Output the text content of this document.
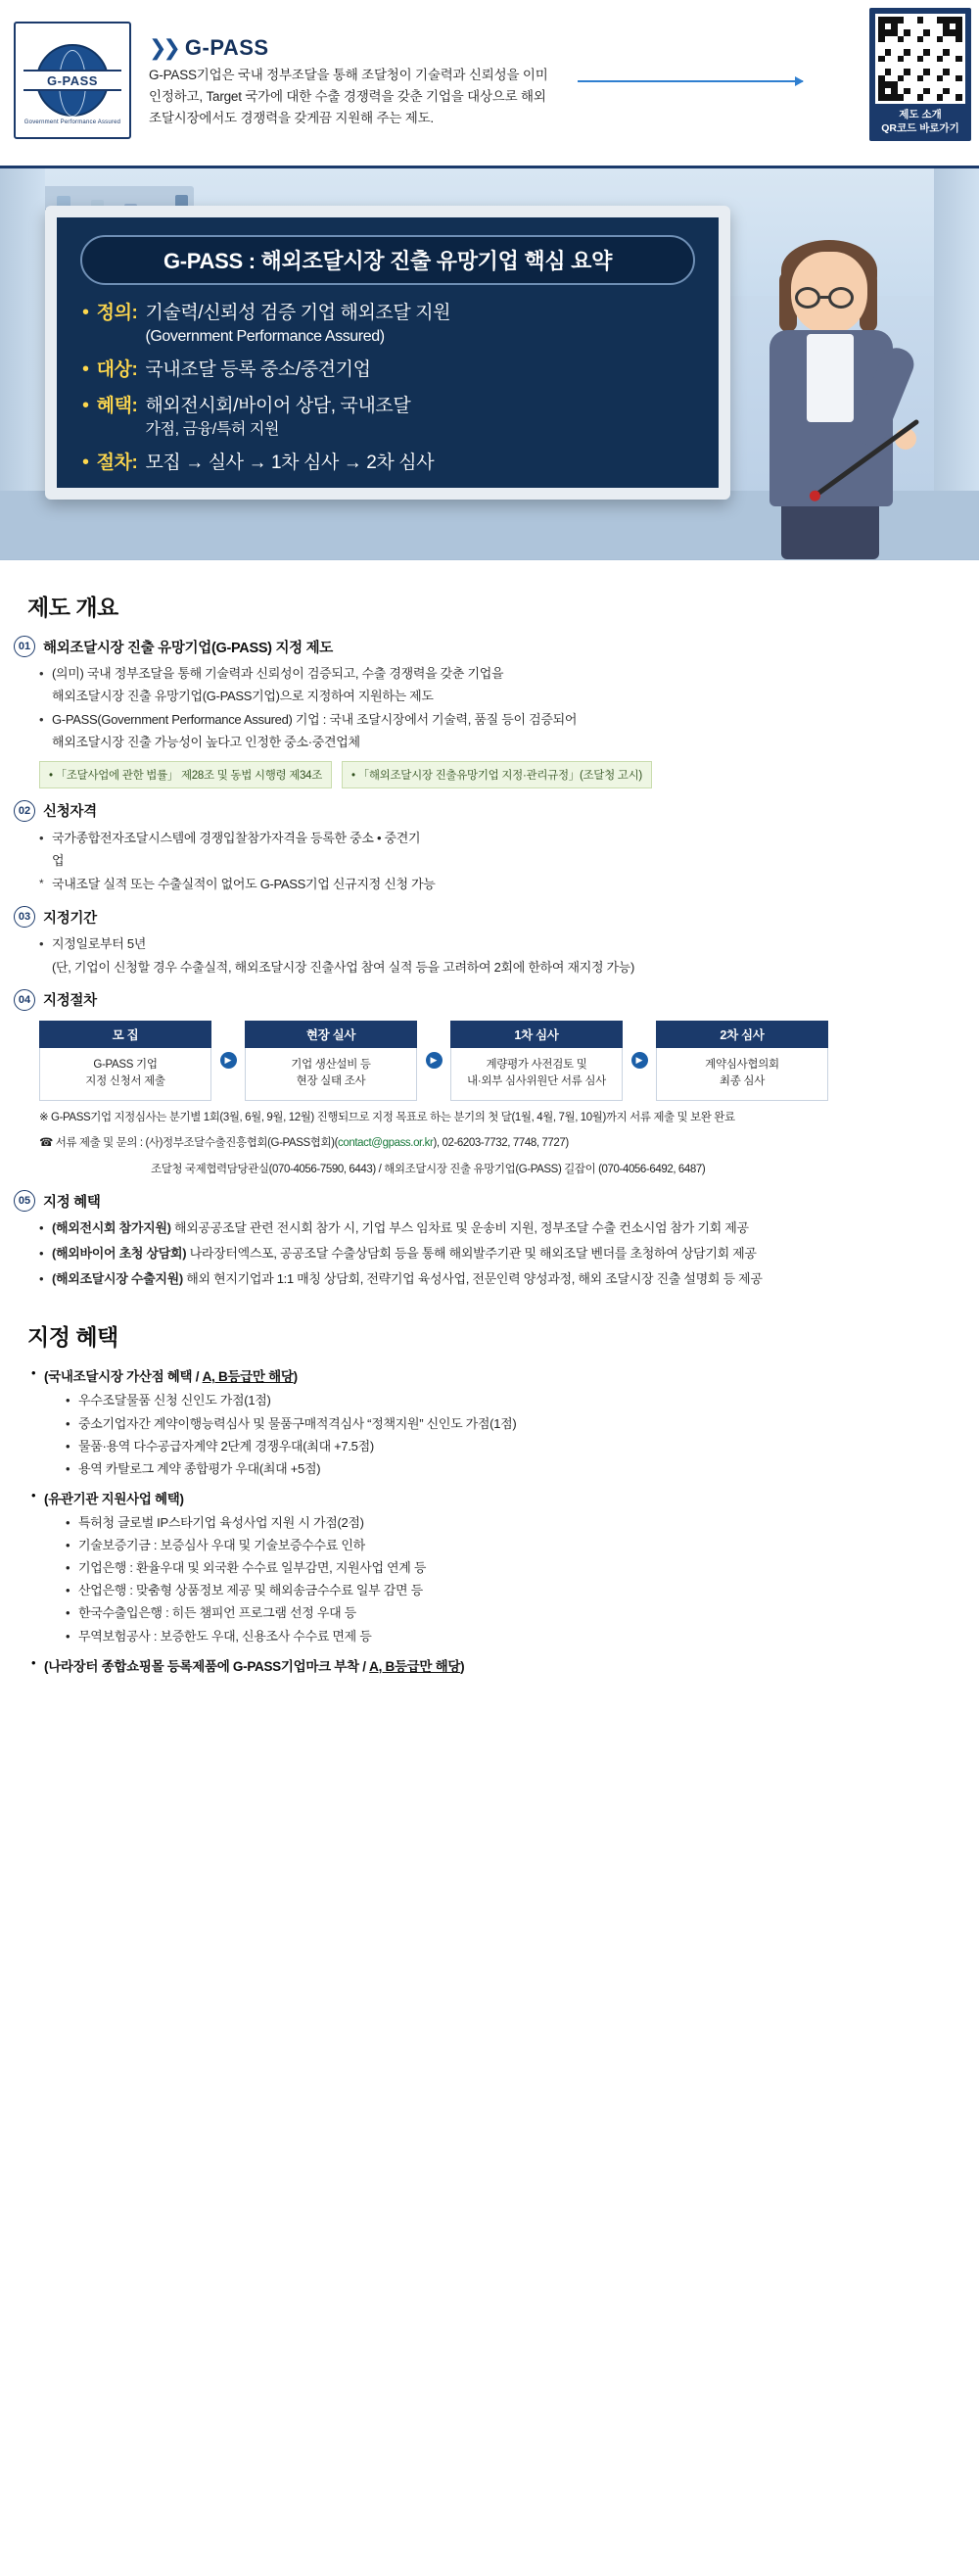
G-PASS
Government Performance Assured
❯❯ G-PASS
G-PASS기업은 국내 정부조달을 통해 조달청이 기술력과 신뢰성을 이미 인정하고, Target 국가에 대한 수출 경쟁력을 갖춘 기업을 대상으로 해외 조달시장에서도 경쟁력을 갖게끔 지원해 주는 제도.	제도 소개
QR코드 바로가기
G-PASS : 해외조달시장 진출 유망기업 핵심 요약
• 정의: 기술력/신뢰성 검증 기업 해외조달 지원
(Government Performance Assured)
• 대상: 국내조달 등록 중소/중견기업
• 혜택: 해외전시회/바이어 상담, 국내조달
가점, 금융/특허 지원
• 절차: 모집 → 실사 → 1차 심사 → 2차 심사
제도 개요
01 해외조달시장 진출 유망기업(G-PASS) 지정 제도
• (의미) 국내 정부조달을 통해 기술력과 신뢰성이 검증되고, 수출 경쟁력을 갖춘 기업을
해외조달시장 진출 유망기업(G-PASS기업)으로 지정하여 지원하는 제도
• G-PASS(Government Performance Assured) 기업 : 국내 조달시장에서 기술력, 품질 등이 검증되어
해외조달시장 진출 가능성이 높다고 인정한 중소·중견업체
• 「조달사업에 관한 법률」 제28조 및 동법 시행령 제34조	• 「해외조달시장 진출유망기업 지정·관리규정」(조달청 고시)
02 신청자격
• 국가종합전자조달시스템에 경쟁입찰참가자격을 등록한 중소 • 중견기
업
* 국내조달 실적 또는 수출실적이 없어도 G-PASS기업 신규지정 신청 가능
03 지정기간
• 지정일로부터 5년
(단, 기업이 신청할 경우 수출실적, 해외조달시장 진출사업 참여 실적 등을 고려하여 2회에 한하여 재지정 가능)
04 지정절차
모 집
G-PASS 기업
지정 신청서 제출
▶
현장 실사
기업 생산설비 등
현장 실태 조사
▶
1차 심사
계량평가 사전검토 및
내·외부 심사위원단 서류 심사
▶
2차 심사
계약심사협의회
최종 심사
※ G-PASS기업 지정심사는 분기별 1회(3월, 6월, 9월, 12월) 진행되므로 지정 목표로 하는 분기의 첫 달(1월, 4월, 7월, 10월)까지 서류 제출 및 보완 완료
☎ 서류 제출 및 문의 : (사)정부조달수출진흥협회(G-PASS협회)(contact@gpass.or.kr), 02-6203-7732, 7748, 7727)
조달청 국제협력담당관실(070-4056-7590, 6443) / 해외조달시장 진출 유망기업(G-PASS) 길잡이 (070-4056-6492, 6487)
05 지정 혜택
• (해외전시회 참가지원) 해외공공조달 관련 전시회 참가 시, 기업 부스 임차료 및 운송비 지원, 정부조달 수출 컨소시엄 참가 기회 제공
• (해외바이어 초청 상담회) 나라장터엑스포, 공공조달 수출상담회 등을 통해 해외발주기관 및 해외조달 벤더를 초청하여 상담기회 제공
• (해외조달시장 수출지원) 해외 현지기업과 1:1 매칭 상담회, 전략기업 육성사업, 전문인력 양성과정, 해외 조달시장 진출 설명회 등 제공
지정 혜택
• (국내조달시장 가산점 혜택 / A, B등급만 해당)
• 우수조달물품 신청 신인도 가점(1점)
• 중소기업자간 계약이행능력심사 및 물품구매적격심사 “정책지원” 신인도 가점(1점)
• 물품·용역 다수공급자계약 2단계 경쟁우대(최대 +7.5점)
• 용역 카탈로그 계약 종합평가 우대(최대 +5점)
• (유관기관 지원사업 혜택)
• 특허청 글로벌 IP스타기업 육성사업 지원 시 가점(2점)
• 기술보증기금 : 보증심사 우대 및 기술보증수수료 인하
• 기업은행 : 환율우대 및 외국환 수수료 일부감면, 지원사업 연계 등
• 산업은행 : 맞춤형 상품정보 제공 및 해외송금수수료 일부 감면 등
• 한국수출입은행 : 히든 챔피언 프로그램 선정 우대 등
• 무역보험공사 : 보증한도 우대, 신용조사 수수료 면제 등
• (나라장터 종합쇼핑몰 등록제품에 G-PASS기업마크 부착 / A, B등급만 해당)
